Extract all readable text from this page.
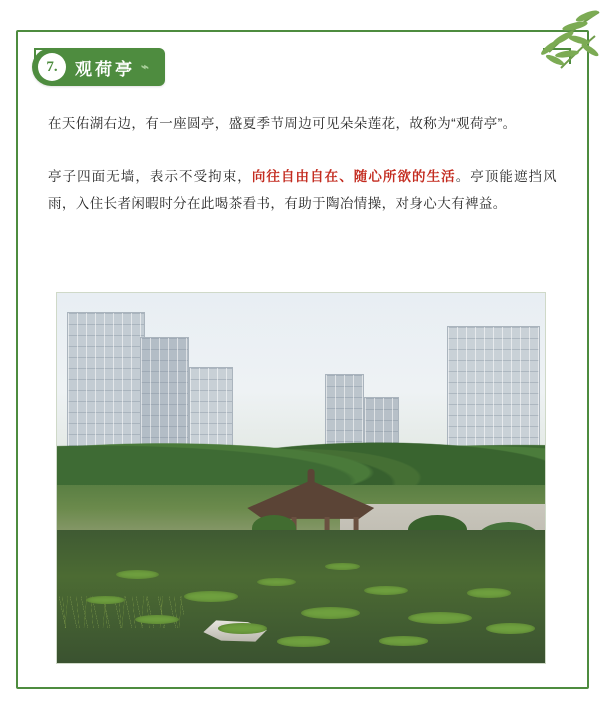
7.	观荷亭 ⌁

在天佑湖右边，有一座圆亭，盛夏季节周边可见朵朵莲花，故称为“观荷亭”。

亭子四面无墙，表示不受拘束，向往自由自在、随心所欲的生活。亭顶能遮挡风雨，入住长者闲暇时分在此喝茶看书，有助于陶冶情操，对身心大有裨益。
